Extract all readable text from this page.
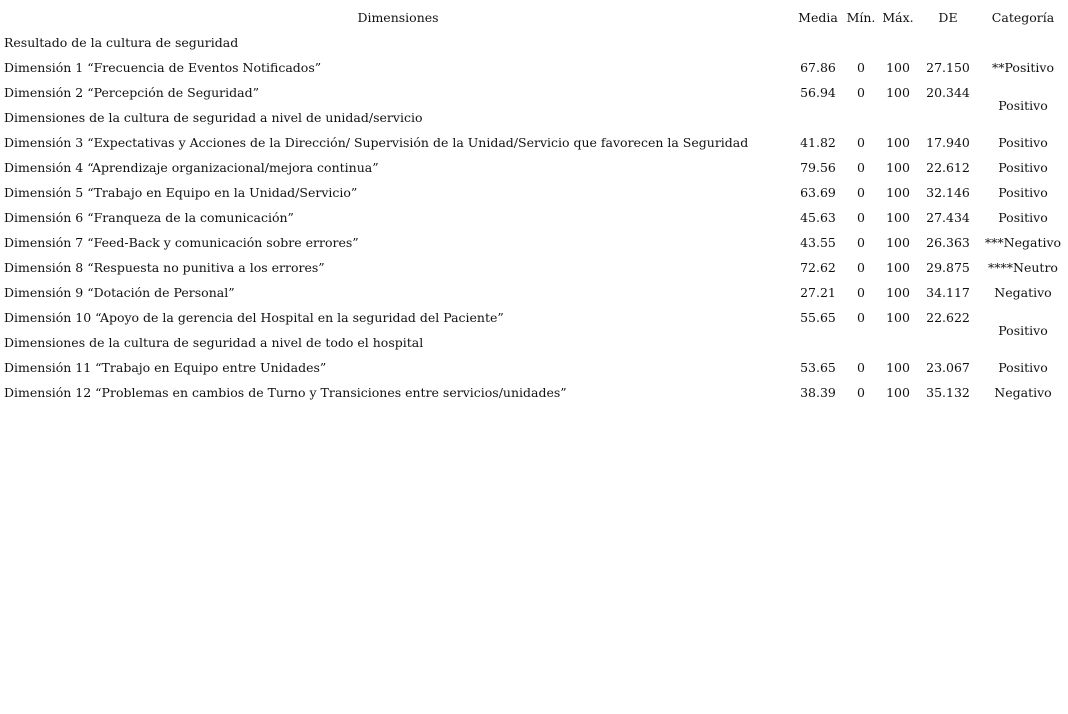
Dimensiones	Media	Mín.	Máx.	DE	Categoría
Resultado de la cultura de seguridad					
Dimensión 1 “Frecuencia de Eventos Notificados”	67.86	0	100	27.150	**Positivo
Dimensión 2 “Percepción de Seguridad”	56.94	0	100	20.344	Positivo
Dimensiones de la cultura de seguridad a nivel de unidad/servicio					
Dimensión 3 “Expectativas y Acciones de la Dirección/ Supervisión de la Unidad/Servicio que favorecen la Seguridad	41.82	0	100	17.940	Positivo
Dimensión 4 “Aprendizaje organizacional/mejora continua”	79.56	0	100	22.612	Positivo
Dimensión 5 “Trabajo en Equipo en la Unidad/Servicio”	63.69	0	100	32.146	Positivo
Dimensión 6 “Franqueza de la comunicación”	45.63	0	100	27.434	Positivo
Dimensión 7 “Feed-Back y comunicación sobre errores”	43.55	0	100	26.363	***Negativo
Dimensión 8 “Respuesta no punitiva a los errores”	72.62	0	100	29.875	****Neutro
Dimensión 9 “Dotación de Personal”	27.21	0	100	34.117	Negativo
Dimensión 10 “Apoyo de la gerencia del Hospital en la seguridad del Paciente”	55.65	0	100	22.622	Positivo
Dimensiones de la cultura de seguridad a nivel de todo el hospital					
Dimensión 11 “Trabajo en Equipo entre Unidades”	53.65	0	100	23.067	Positivo
Dimensión 12 “Problemas en cambios de Turno y Transiciones entre servicios/unidades”	38.39	0	100	35.132	Negativo
